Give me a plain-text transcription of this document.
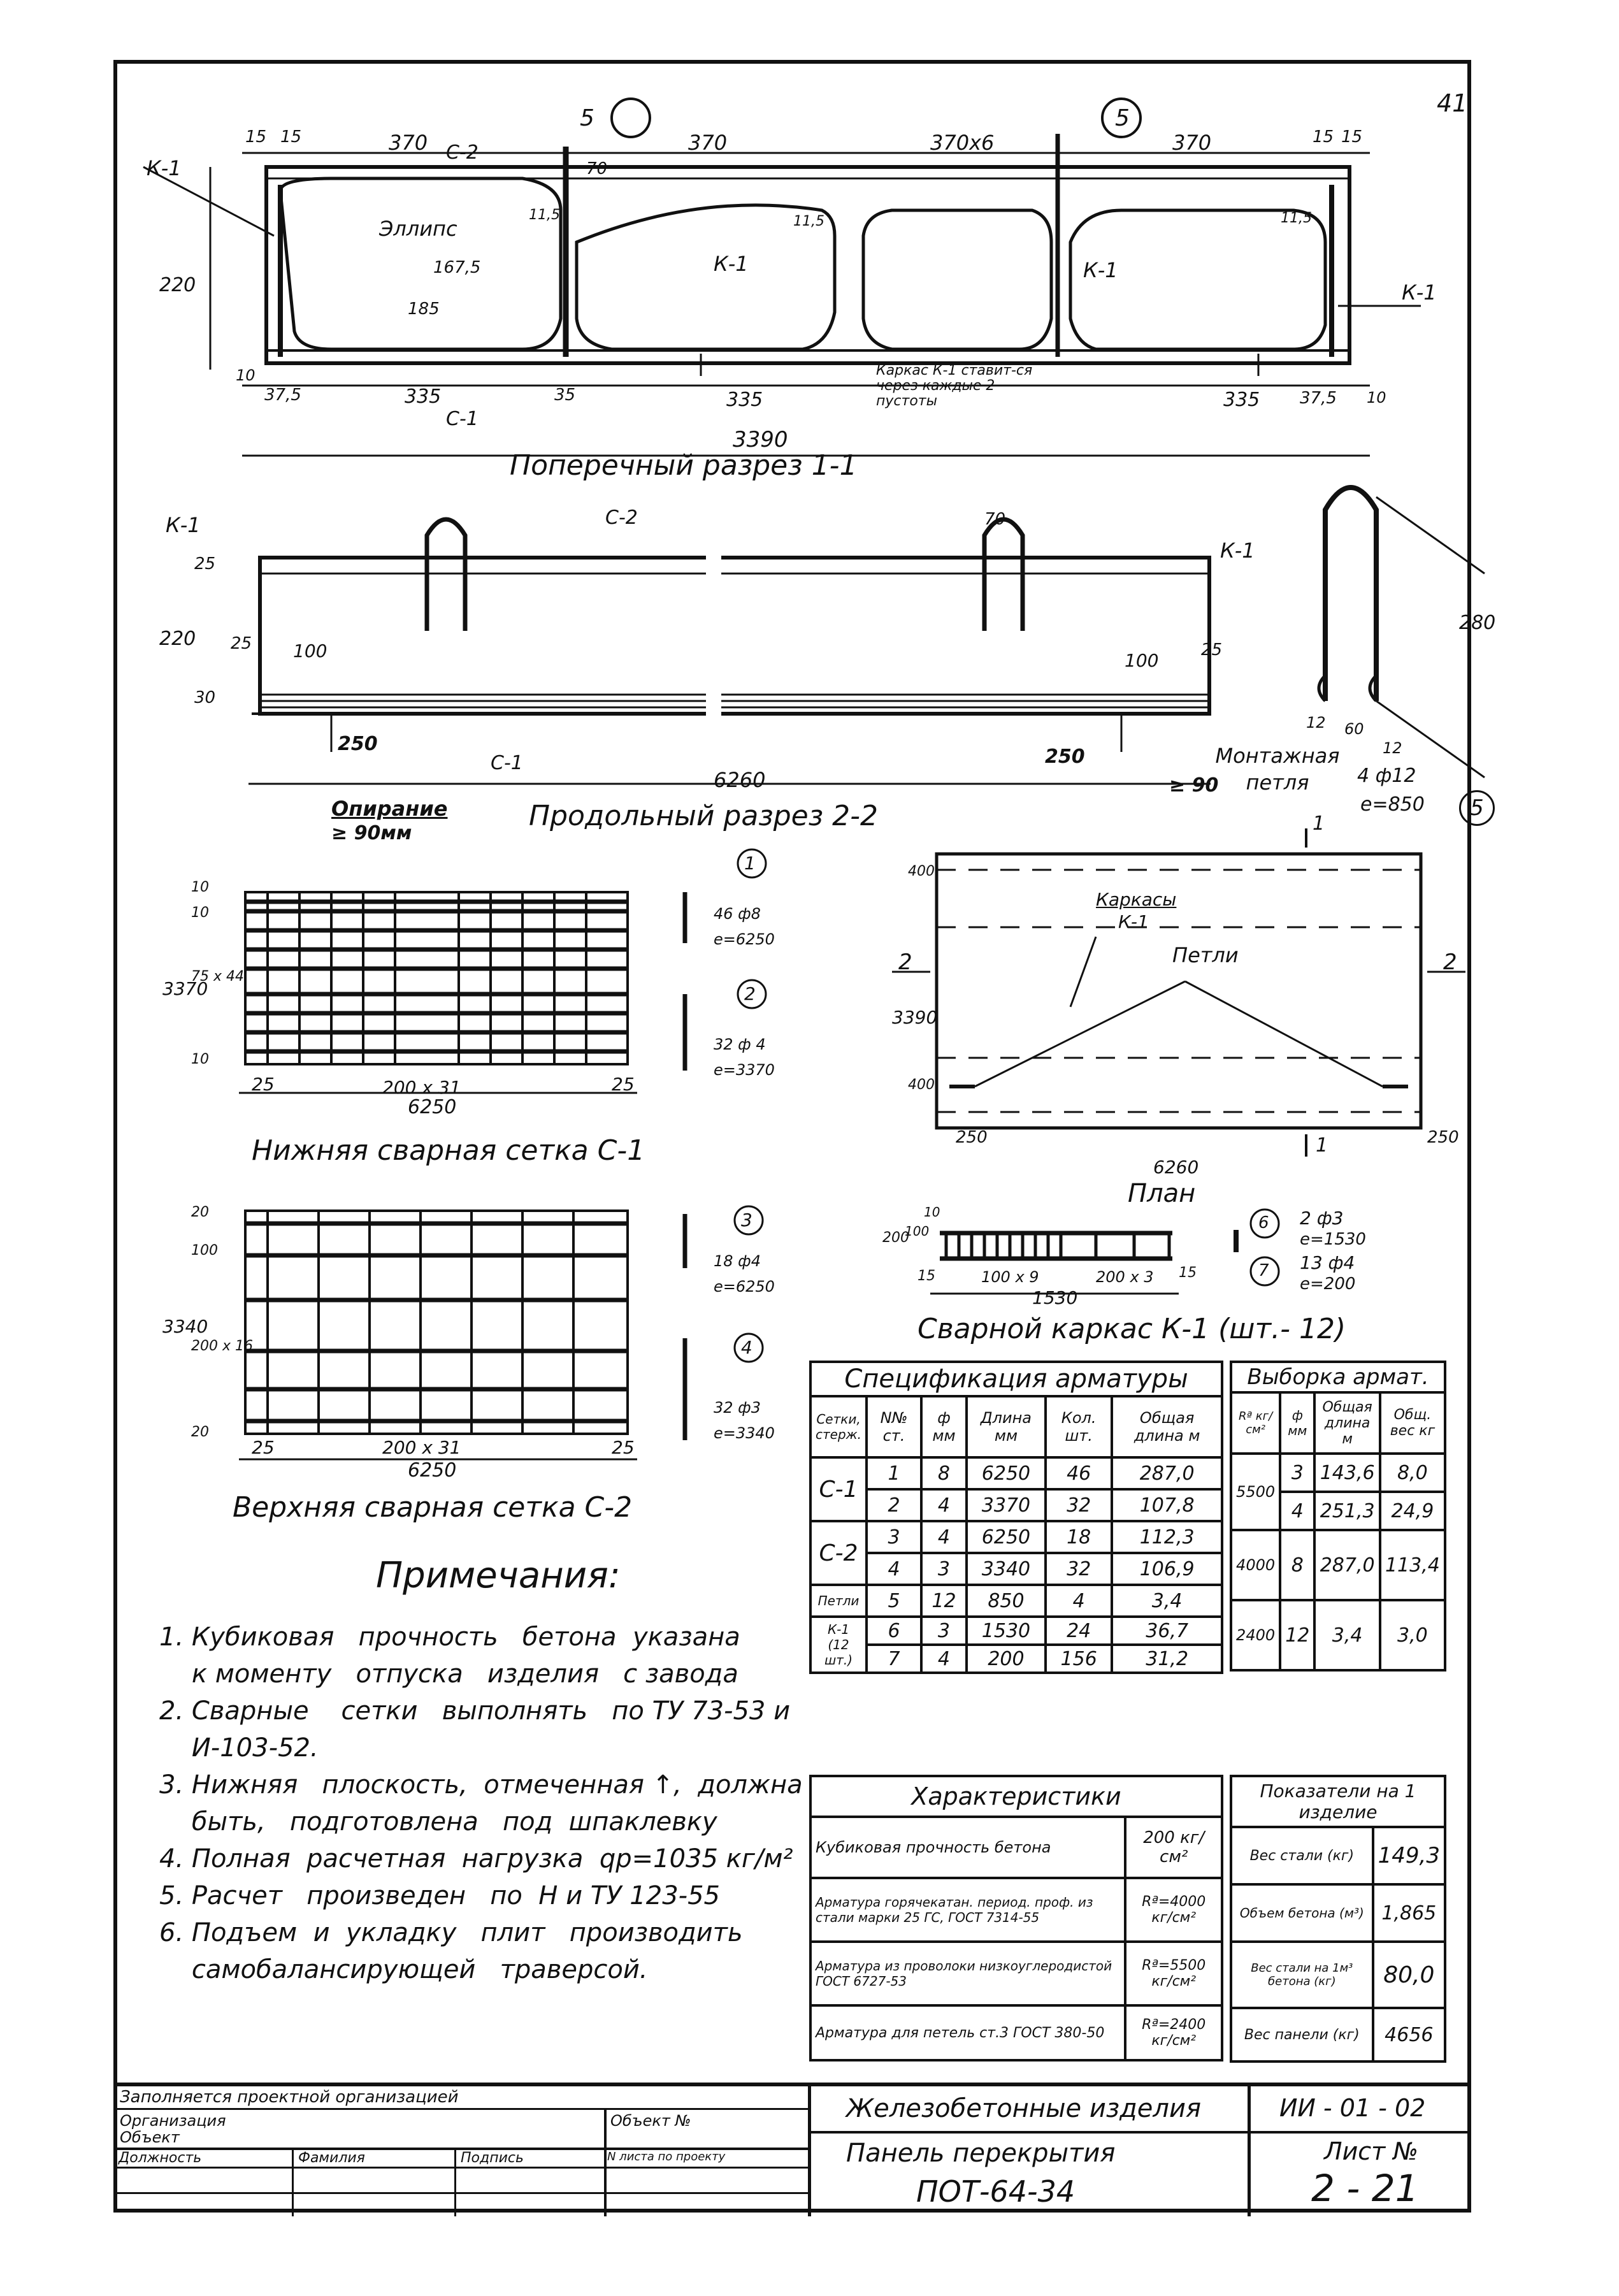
41
5	5
15 15	370	370	370х6	370	15 15
К-1
С-2
Эллипс
167,5
185
К-1	К-1
К-1
11,5	11,5	11,5
70
220
10
37,5	335	35	335	335 37,5 10
Каркас К-1 ставит-ся через каждые 2 пустоты
С-1
3390
Поперечный разрез 1-1
К-1	С-2
К-1
70
220
25
25
30
100	100	25
250
250
С-1
6260	≥ 90
Опирание
≥ 90мм
Продольный разрез 2-2
280
12 60
12
4 ф12
е=850
Монтажная петля
5
10
10
3370
75 х 44
10
25	200 х 31	25
6250
1
2
46 ф8
е=6250
32 ф 4
е=3370
Нижняя сварная сетка С-1
Каркасы
К-1
Петли
2	2
1
1
3390
400
400
250	250
6260
План
20
100
3340
200 х 16
20
25	200 х 31	25
6250
3
4
18 ф4
е=6250
32 ф3
е=3340
Верхняя сварная сетка С-2
200
100
10
15	100 х 9	200 х 3 15
1530
6
7
2 ф3
е=1530
13 ф4
е=200
Сварной каркас К-1 (шт.- 12)
Спецификация арматуры					
Сетки, стерж.	N№ ст.	ф мм	Длина мм	Кол. шт.	Общая длина м
С-1	1	8	6250	46	287,0
	2	4	3370	32	107,8
С-2	3	4	6250	18	112,3
	4	3	3340	32	106,9
Петли	5	12	850	4	3,4
К-1 (12 шт.)	6	3	1530	24	36,7
	7	4	200	156	31,2
Выборка армат.			
Rª кг/см²	ф мм	Общая длина м	Общ. вес кг
5500	3	143,6	8,0
	4	251,3	24,9
4000	8	287,0	113,4
2400	12	3,4	3,0
Примечания:
1. Кубиковая   прочность   бетона  указана
к моменту   отпуска   изделия   с завода
2. Сварные    сетки   выполнять   по ТУ 73-53 и
И-103-52.
3. Нижняя   плоскость,  отмеченная ↑,  должна
быть,   подготовлена   под  шпаклевку
4. Полная  расчетная  нагрузка  qр=1035 кг/м²
5. Расчет   произведен   по  Н и ТУ 123-55
6. Подъем  и  укладку   плит   производить
самобалансирующей   траверсой.
Характеристики	
Кубиковая прочность бетона	200 кг/см²
Арматура горячекатан. период. проф. из стали марки 25 ГС, ГОСТ 7314-55	Rª=4000 кг/см²
Арматура из проволоки низкоуглеродистой ГОСТ 6727-53	Rª=5500 кг/см²
Арматура для петель ст.3 ГОСТ 380-50	Rª=2400 кг/см²
Показатели на 1 изделие	
Вес стали (кг)	149,3
Объем бетона (м³)	1,865
Вес стали на 1м³ бетона (кг)	80,0
Вес панели (кг)	4656
Заполняется проектной организацией
Организация
Объект
Объект №
Должность	Фамилия	Подпись	N листа по проекту
Железобетонные изделия	ИИ - 01 - 02
Панель перекрытия
ПОТ-64-34
Лист №
2 - 21
